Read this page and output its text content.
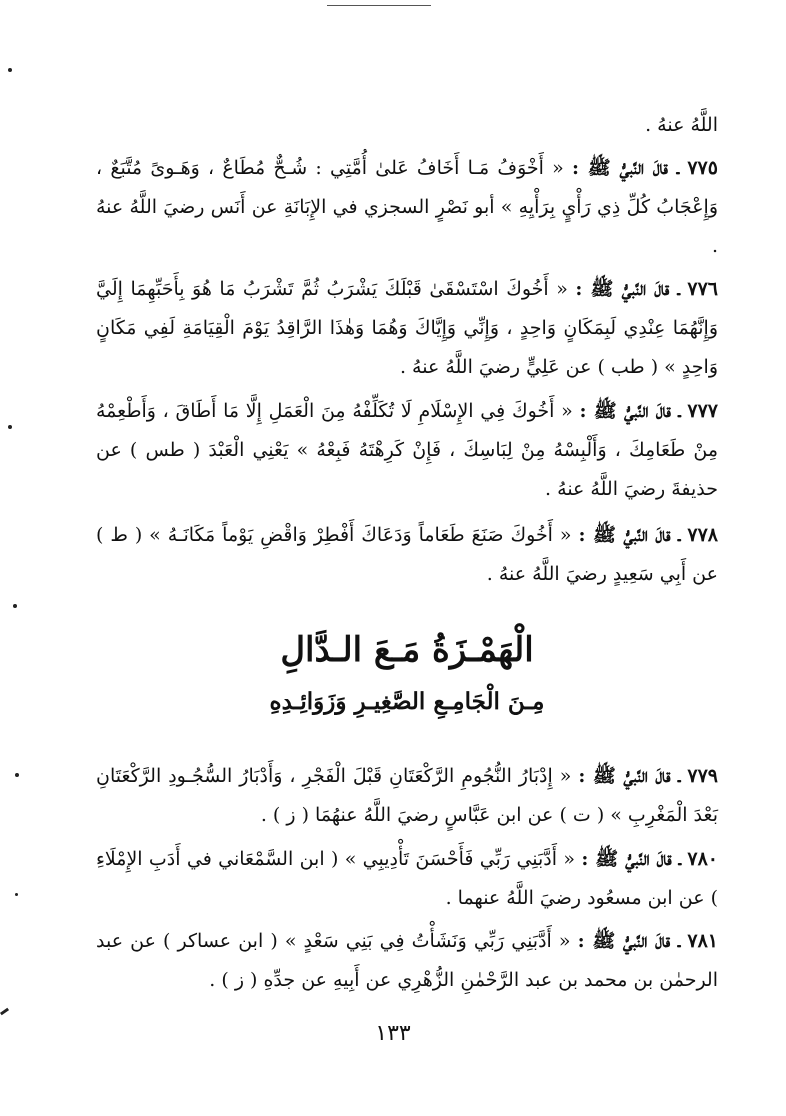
اللَّهُ عنهُ .
٧٧٥ ـ قالَ النَّبيُّ ﷺ : « أَخْوَفُ مَـا أَخَافُ عَلىٰ أُمَّتِي : شُـحٌّ مُطَاعٌ ، وَهَـوىً مُتَّبَعٌ ، وَإِعْجَابُ كُلِّ ذِي رَأْيٍ بِرَأْيِهِ » أبو نَصْرٍ السجزي في الإِبَانَةِ عن أَنَس رضيَ اللَّهُ عنهُ .
٧٧٦ ـ قالَ النَّبيُّ ﷺ : « أَخُوكَ اسْتَسْقَىٰ قَبْلَكَ يَشْرَبُ ثُمَّ تَشْرَبُ مَا هُوَ بِأَحَبِّهِمَا إِلَيَّ وَإِنَّهُمَا عِنْدِي لَبِمَكَانٍ وَاحِدٍ ، وَإِنِّي وَإِيَّاكَ وَهُمَا وَهٰذَا الرَّاقِدُ يَوْمَ الْقِيَامَةِ لَفِي مَكَانٍ وَاحِدٍ » ( طب ) عن عَلِيٍّ رضيَ اللَّهُ عنهُ .
٧٧٧ ـ قالَ النَّبيُّ ﷺ : « أَخُوكَ فِي الإِسْلَامِ لَا تُكَلِّفْهُ مِنَ الْعَمَلِ إِلَّا مَا أَطَاقَ ، وَأَطْعِمْهُ مِنْ طَعَامِكَ ، وَأَلْبِسْهُ مِنْ لِبَاسِكَ ، فَإِنْ كَرِهْتَهُ فَبِعْهُ » يَعْنِي الْعَبْدَ ( طس ) عن حذيفةَ رضيَ اللَّهُ عنهُ .
٧٧٨ ـ قالَ النَّبيُّ ﷺ : « أَخُوكَ صَنَعَ طَعَاماً وَدَعَاكَ أَفْطِرْ وَاقْضِ يَوْماً مَكَانَـهُ » ( ط ) عن أَبِي سَعِيدٍ رضيَ اللَّهُ عنهُ .
الْهَمْـزَةُ مَـعَ الـدَّالِ
مِـنَ الْجَامِـعِ الصَّغِيـرِ وَزَوَائِـدِهِ
٧٧٩ ـ قالَ النَّبيُّ ﷺ : « إِدْبَارُ النُّجُومِ الرَّكْعَتَانِ قَبْلَ الْفَجْرِ ، وَأَدْبَارُ السُّجُـودِ الرَّكْعَتَانِ بَعْدَ الْمَغْرِبِ » ( ت ) عن ابن عَبَّاسٍ رضيَ اللَّهُ عنهُمَا ( ز ) .
٧٨٠ ـ قالَ النَّبيُّ ﷺ : « أَدَّبَنِي رَبِّي فَأَحْسَنَ تَأْدِيبِي » ( ابن السَّمْعَاني في أَدَبِ الإِمْلَاءِ ) عن ابن مسعُود رضيَ اللَّهُ عنهما .
٧٨١ ـ قالَ النَّبيُّ ﷺ : « أَدَّبَنِي رَبِّي وَنَشَأْتُ فِي بَنِي سَعْدٍ » ( ابن عساكر ) عن عبد الرحمٰن بن محمد بن عبد الرَّحْمٰنِ الزُّهْرِي عن أَبِيهِ عن جدِّهِ ( ز ) .
١٣٣
